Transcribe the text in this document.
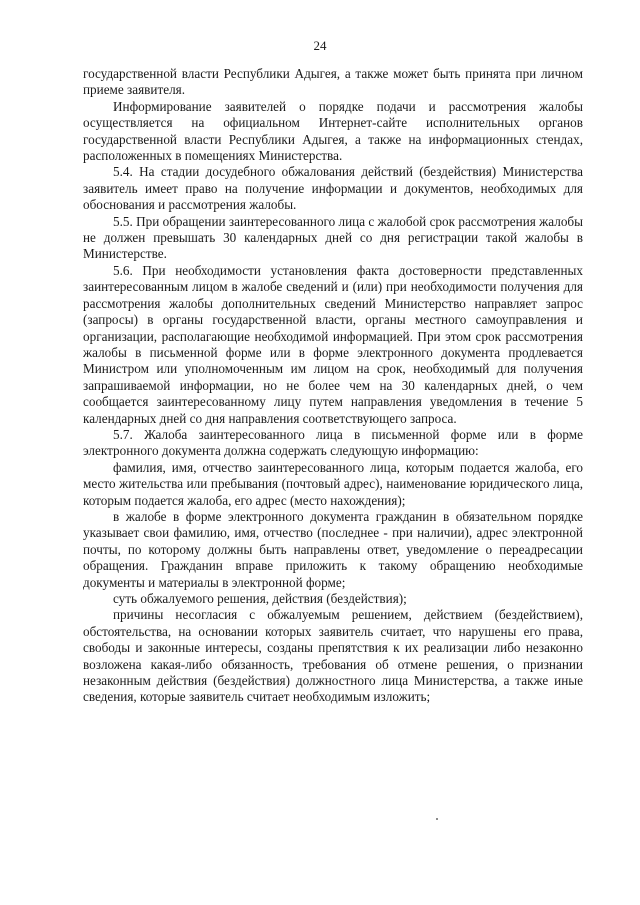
24

государственной власти Республики Адыгея, а также может быть принята при личном приеме заявителя.

Информирование заявителей о порядке подачи и рассмотрения жалобы осуществляется на официальном Интернет-сайте исполнительных органов государственной власти Республики Адыгея, а также на информационных стендах, расположенных в помещениях Министерства.

5.4. На стадии досудебного обжалования действий (бездействия) Министерства заявитель имеет право на получение информации и документов, необходимых для обоснования и рассмотрения жалобы.

5.5. При обращении заинтересованного лица с жалобой срок рассмотрения жалобы не должен превышать 30 календарных дней со дня регистрации такой жалобы в Министерстве.

5.6. При необходимости установления факта достоверности представленных заинтересованным лицом в жалобе сведений и (или) при необходимости получения для рассмотрения жалобы дополнительных сведений Министерство направляет запрос (запросы) в органы государственной власти, органы местного самоуправления и организации, располагающие необходимой информацией. При этом срок рассмотрения жалобы в письменной форме или в форме электронного документа продлевается Министром или уполномоченным им лицом на срок, необходимый для получения запрашиваемой информации, но не более чем на 30 календарных дней, о чем сообщается заинтересованному лицу путем направления уведомления в течение 5 календарных дней со дня направления соответствующего запроса.

5.7. Жалоба заинтересованного лица в письменной форме или в форме электронного документа должна содержать следующую информацию:

фамилия, имя, отчество заинтересованного лица, которым подается жалоба, его место жительства или пребывания (почтовый адрес), наименование юридического лица, которым подается жалоба, его адрес (место нахождения);

в жалобе в форме электронного документа гражданин в обязательном порядке указывает свои фамилию, имя, отчество (последнее - при наличии), адрес электронной почты, по которому должны быть направлены ответ, уведомление о переадресации обращения. Гражданин вправе приложить к такому обращению необходимые документы и материалы в электронной форме;

суть обжалуемого решения, действия (бездействия);

причины несогласия с обжалуемым решением, действием (бездействием), обстоятельства, на основании которых заявитель считает, что нарушены его права, свободы и законные интересы, созданы препятствия к их реализации либо незаконно возложена какая-либо обязанность, требования об отмене решения, о признании незаконным действия (бездействия) должностного лица Министерства, а также иные сведения, которые заявитель считает необходимым изложить;
